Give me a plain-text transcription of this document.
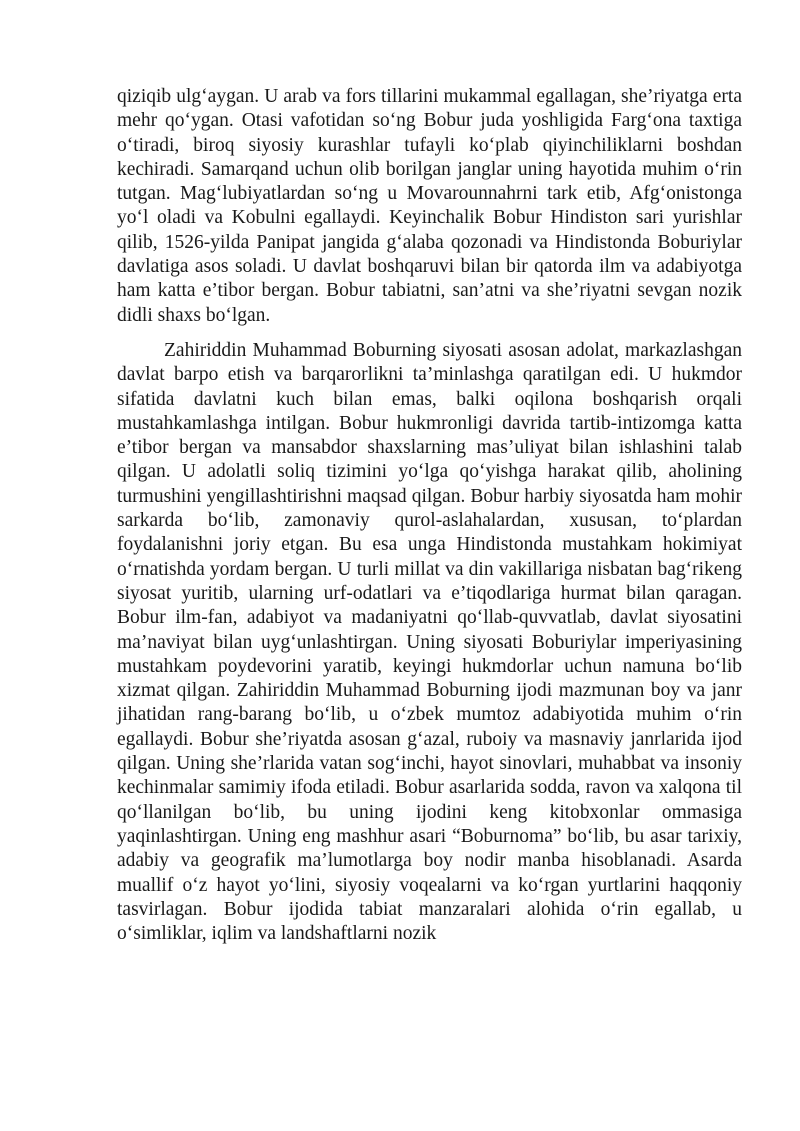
qiziqib ulg‘aygan. U arab va fors tillarini mukammal egallagan, she’riyatga erta mehr qo‘ygan. Otasi vafotidan so‘ng Bobur juda yoshligida Farg‘ona taxtiga o‘tiradi, biroq siyosiy kurashlar tufayli ko‘plab qiyinchiliklarni boshdan kechiradi. Samarqand uchun olib borilgan janglar uning hayotida muhim o‘rin tutgan. Mag‘lubiyatlardan so‘ng u Movarounnahrni tark etib, Afg‘onistonga yo‘l oladi va Kobulni egallaydi. Keyinchalik Bobur Hindiston sari yurishlar qilib, 1526-yilda Panipat jangida g‘alaba qozonadi va Hindistonda Boburiylar davlatiga asos soladi. U davlat boshqaruvi bilan bir qatorda ilm va adabiyotga ham katta e’tibor bergan. Bobur tabiatni, san’atni va she’riyatni sevgan nozik didli shaxs bo‘lgan.

Zahiriddin Muhammad Boburning siyosati asosan adolat, markazlashgan davlat barpo etish va barqarorlikni ta’minlashga qaratilgan edi. U hukmdor sifatida davlatni kuch bilan emas, balki oqilona boshqarish orqali mustahkamlashga intilgan. Bobur hukmronligi davrida tartib-intizomga katta e’tibor bergan va mansabdor shaxslarning mas’uliyat bilan ishlashini talab qilgan. U adolatli soliq tizimini yo‘lga qo‘yishga harakat qilib, aholining turmushini yengillashtirishni maqsad qilgan. Bobur harbiy siyosatda ham mohir sarkarda bo‘lib, zamonaviy qurol-aslahalardan, xususan, to‘plardan foydalanishni joriy etgan. Bu esa unga Hindistonda mustahkam hokimiyat o‘rnatishda yordam bergan. U turli millat va din vakillariga nisbatan bag‘rikeng siyosat yuritib, ularning urf-odatlari va e’tiqodlariga hurmat bilan qaragan. Bobur ilm-fan, adabiyot va madaniyatni qo‘llab-quvvatlab, davlat siyosatini ma’naviyat bilan uyg‘unlashtirgan. Uning siyosati Boburiylar imperiyasining mustahkam poydevorini yaratib, keyingi hukmdorlar uchun namuna bo‘lib xizmat qilgan. Zahiriddin Muhammad Boburning ijodi mazmunan boy va janr jihatidan rang-barang bo‘lib, u o‘zbek mumtoz adabiyotida muhim o‘rin egallaydi. Bobur she’riyatda asosan g‘azal, ruboiy va masnaviy janrlarida ijod qilgan. Uning she’rlarida vatan sog‘inchi, hayot sinovlari, muhabbat va insoniy kechinmalar samimiy ifoda etiladi. Bobur asarlarida sodda, ravon va xalqona til qo‘llanilgan bo‘lib, bu uning ijodini keng kitobxonlar ommasiga yaqinlashtirgan. Uning eng mashhur asari “Boburnoma” bo‘lib, bu asar tarixiy, adabiy va geografik ma’lumotlarga boy nodir manba hisoblanadi. Asarda muallif o‘z hayot yo‘lini, siyosiy voqealarni va ko‘rgan yurtlarini haqqoniy tasvirlagan. Bobur ijodida tabiat manzaralari alohida o‘rin egallab, u o‘simliklar, iqlim va landshaftlarni nozik
